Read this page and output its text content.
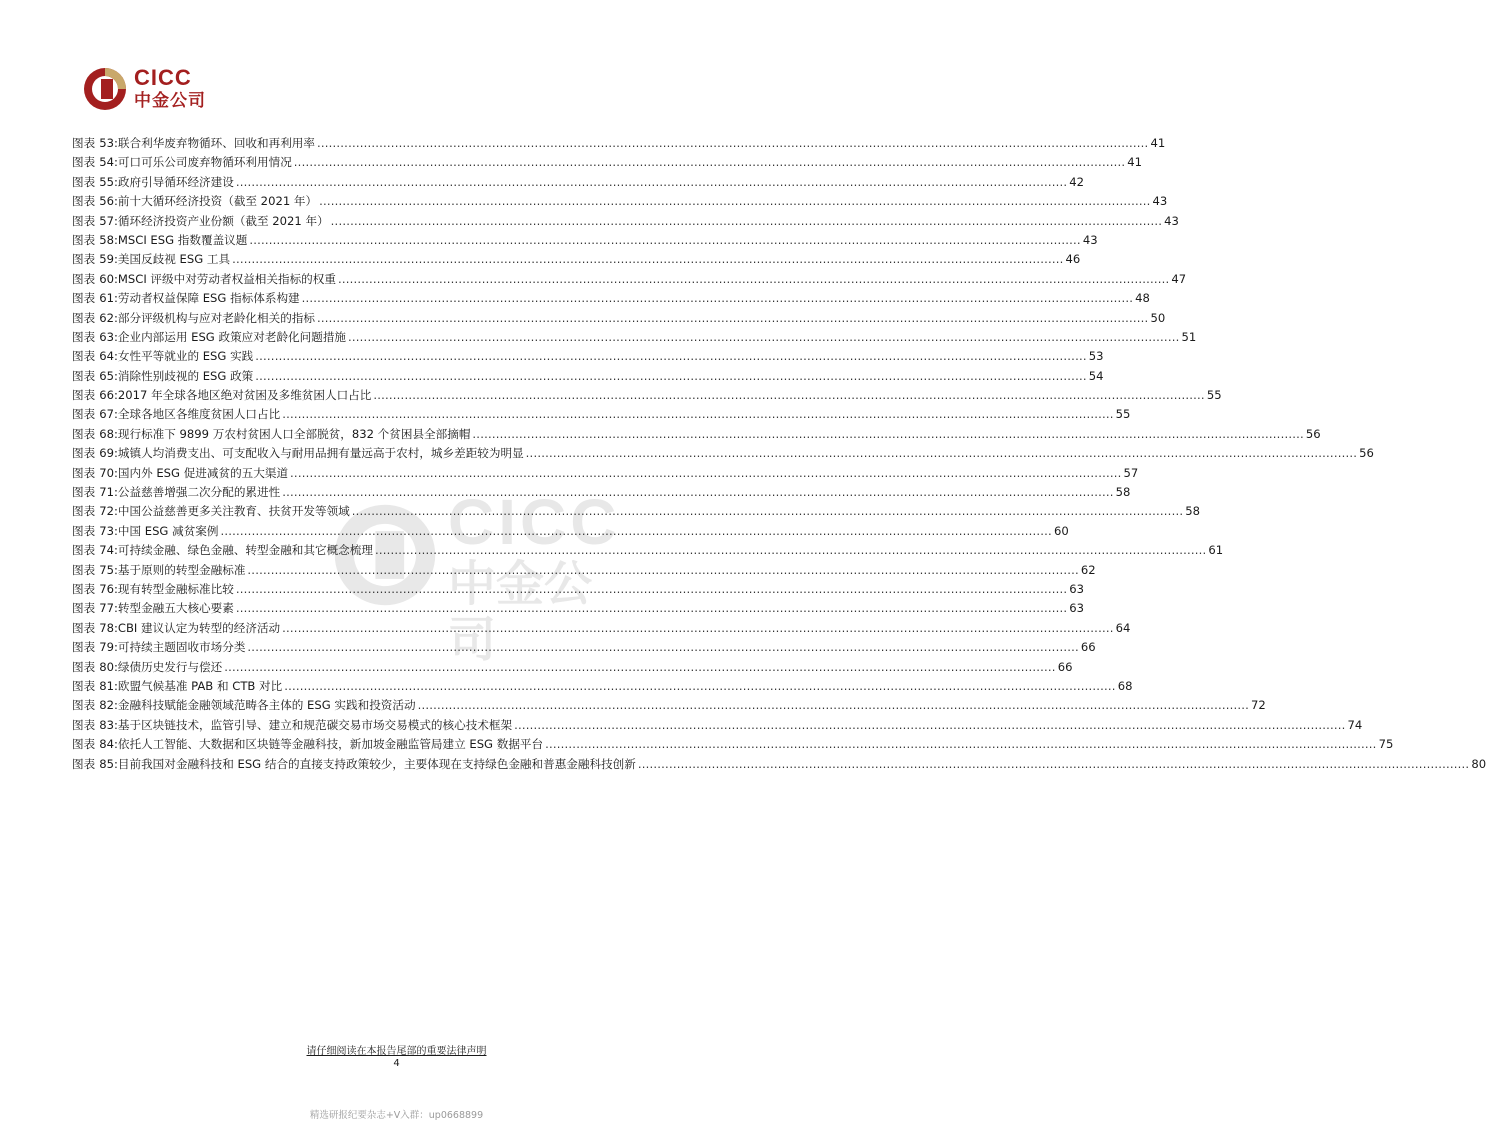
CICC
中金公司
CICC
中金公司
图表 53: 联合利华废弃物循环、回收和再利用率 .....	41
图表 54: 可口可乐公司废弃物循环利用情况 .....	41
图表 55: 政府引导循环经济建设 .....	42
图表 56: 前十大循环经济投资（截至 2021 年） .....	43
图表 57: 循环经济投资产业份额（截至 2021 年） .....	43
图表 58: MSCI ESG 指数覆盖议题 .....	43
图表 59: 美国反歧视 ESG 工具 .....	46
图表 60: MSCI 评级中对劳动者权益相关指标的权重 .....	47
图表 61: 劳动者权益保障 ESG 指标体系构建 .....	48
图表 62: 部分评级机构与应对老龄化相关的指标 .....	50
图表 63: 企业内部运用 ESG 政策应对老龄化问题措施 .....	51
图表 64: 女性平等就业的 ESG 实践 .....	53
图表 65: 消除性别歧视的 ESG 政策 .....	54
图表 66: 2017 年全球各地区绝对贫困及多维贫困人口占比 .....	55
图表 67: 全球各地区各维度贫困人口占比 .....	55
图表 68: 现行标准下 9899 万农村贫困人口全部脱贫，832 个贫困县全部摘帽 .....	56
图表 69: 城镇人均消费支出、可支配收入与耐用品拥有量远高于农村，城乡差距较为明显 .....	56
图表 70: 国内外 ESG 促进减贫的五大渠道 .....	57
图表 71: 公益慈善增强二次分配的累进性 .....	58
图表 72: 中国公益慈善更多关注教育、扶贫开发等领域 .....	58
图表 73: 中国 ESG 减贫案例 .....	60
图表 74: 可持续金融、绿色金融、转型金融和其它概念梳理 .....	61
图表 75: 基于原则的转型金融标准 .....	62
图表 76: 现有转型金融标准比较 .....	63
图表 77: 转型金融五大核心要素 .....	63
图表 78: CBI 建议认定为转型的经济活动 .....	64
图表 79: 可持续主题固收市场分类 .....	66
图表 80: 绿债历史发行与偿还 .....	66
图表 81: 欧盟气候基准 PAB 和 CTB 对比 .....	68
图表 82: 金融科技赋能金融领域范畴各主体的 ESG 实践和投资活动 .....	72
图表 83: 基于区块链技术，监管引导、建立和规范碳交易市场交易模式的核心技术框架 .....	74
图表 84: 依托人工智能、大数据和区块链等金融科技，新加坡金融监管局建立 ESG 数据平台 .....	75
图表 85: 目前我国对金融科技和 ESG 结合的直接支持政策较少，主要体现在支持绿色金融和普惠金融科技创新 .....	80
请仔细阅读在本报告尾部的重要法律声明
4
精选研报纪要杂志+V入群：up0668899
